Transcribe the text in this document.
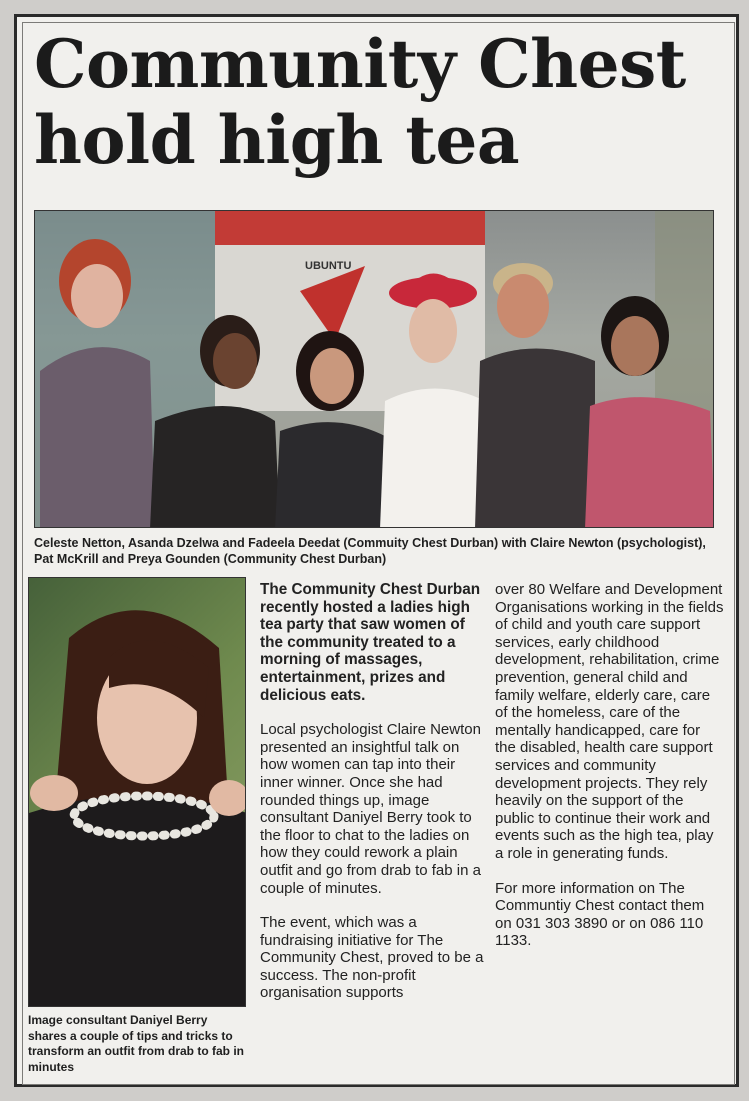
Community Chest
hold high tea
UBUNTU
Celeste Netton, Asanda Dzelwa and Fadeela Deedat (Commuity Chest Durban) with Claire Newton (psychologist), Pat McKrill and Preya Gounden (Community Chest Durban)
Image consultant Daniyel Berry shares a couple of tips and tricks to transform an outfit from drab to fab in minutes

The Community Chest Durban recently hosted a ladies high tea party that saw women of the community treated to a morning of massages, entertainment, prizes and delicious eats.

Local psychologist Claire Newton presented an insightful talk on how women can tap into their inner winner. Once she had rounded things up, image consultant Daniyel Berry took to the floor to chat to the ladies on how they could rework a plain outfit and go from drab to fab in a couple of minutes.

The event, which was a fundraising initiative for The Community Chest, proved to be a success. The non-profit organisation supports

over 80 Welfare and Development Organisations working in the fields of child and youth care support services, early childhood development, rehabilitation, crime prevention, general child and family welfare, elderly care, care of the homeless, care of the mentally handicapped, care for the disabled, health care support services and community development projects. They rely heavily on the support of the public to continue their work and events such as the high tea, play a role in generating funds.

For more information on The Communtiy Chest contact them on 031 303 3890 or on 086 110 1133.
